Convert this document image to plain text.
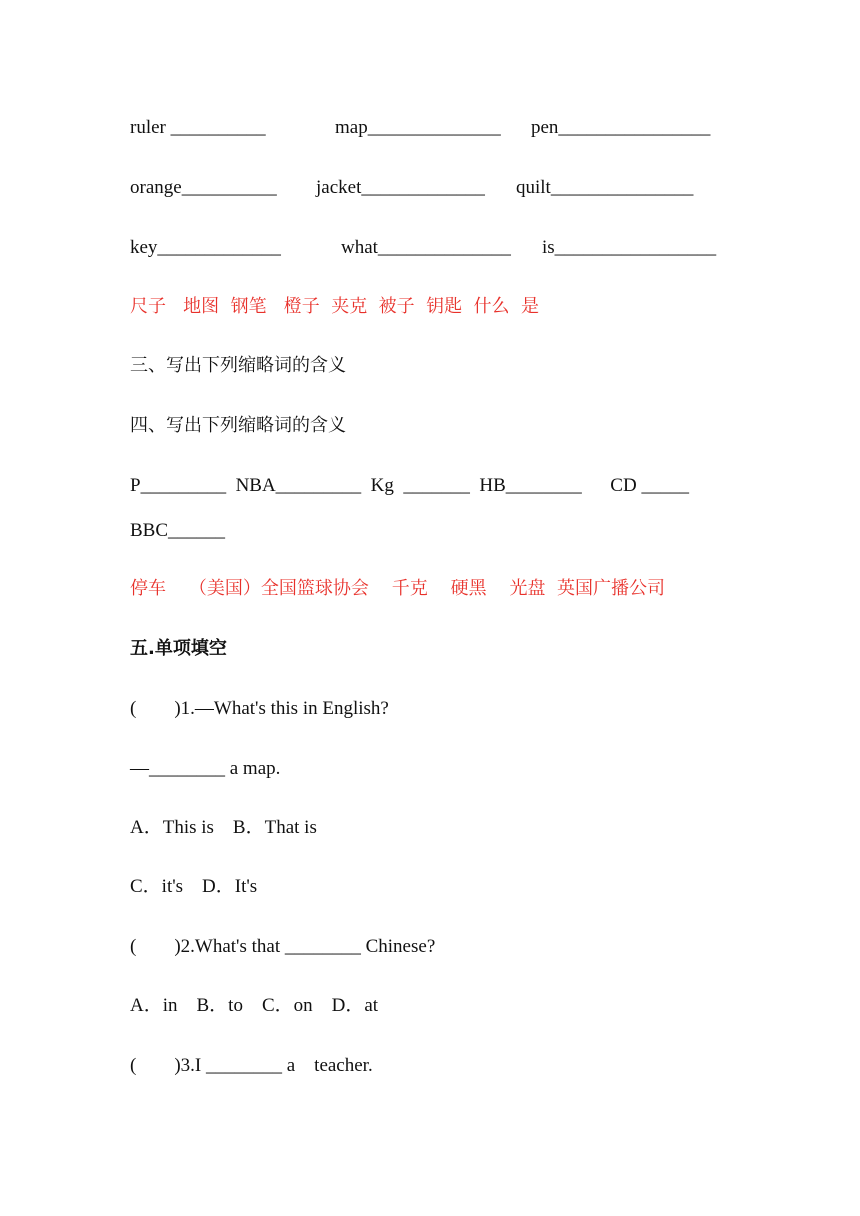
ruler __________

	map______________

pen________________

orange__________

jacket_____________

quilt_______________

key_____________

	what______________

is_________________

尺子   地图  钢笔   橙子  夹克  被子  钥匙  什么  是
三、写出下列缩略词的含义
四、写出下列缩略词的含义
P_________  NBA_________  Kg  _______  HB________      CD _____
BBC______
停车    （美国）全国篮球协会    千克    硬黑    光盘  英国广播公司
五.单项填空
(        )1.—What's this in English?
—________ a map.
A．This is    B．That is
C．it's    D．It's
(        )2.What's that ________ Chinese?
A．in    B．to    C．on    D．at
(        )3.I ________ a    teacher.
